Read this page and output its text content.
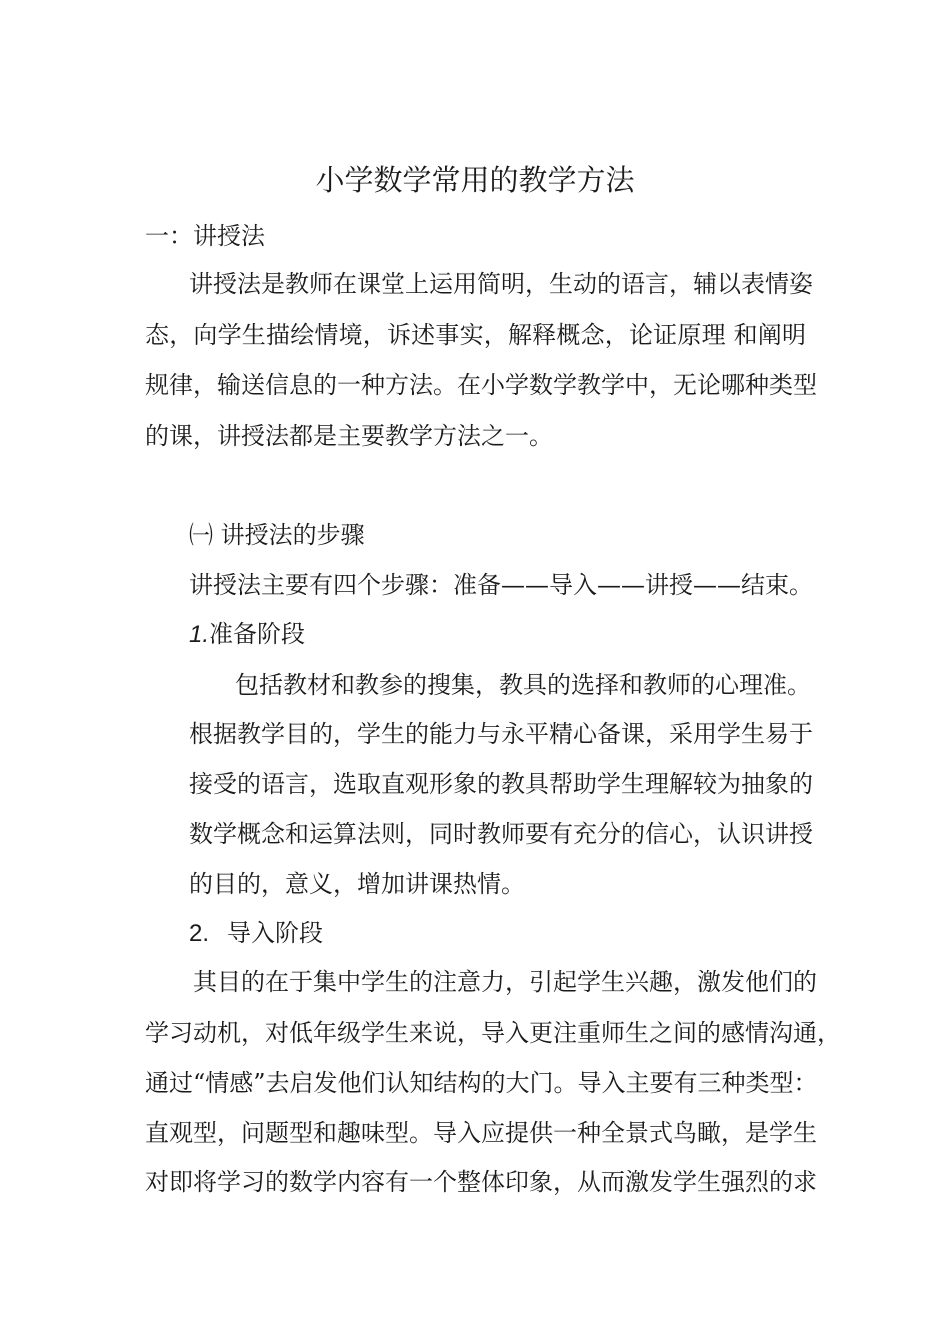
小学数学常用的教学方法
一：讲授法
讲授法是教师在课堂上运用简明，生动的语言，辅以表情姿
态，向学生描绘情境，诉述事实，解释概念，论证原理 和阐明
规律，输送信息的一种方法。在小学数学教学中，无论哪种类型
的课，讲授法都是主要教学方法之一。
㈠ 讲授法的步骤
讲授法主要有四个步骤：准备——导入——讲授——结束。
1.准备阶段
包括教材和教参的搜集，教具的选择和教师的心理准。
根据教学目的，学生的能力与永平精心备课，采用学生易于
接受的语言，选取直观形象的教具帮助学生理解较为抽象的
数学概念和运算法则，同时教师要有充分的信心，认识讲授
的目的，意义，增加讲课热情。
2. 导入阶段
其目的在于集中学生的注意力，引起学生兴趣，激发他们的
学习动机，对低年级学生来说，导入更注重师生之间的感情沟通，
通过“情感”去启发他们认知结构的大门。导入主要有三种类型：
直观型，问题型和趣味型。导入应提供一种全景式鸟瞰，是学生
对即将学习的数学内容有一个整体印象，从而激发学生强烈的求
